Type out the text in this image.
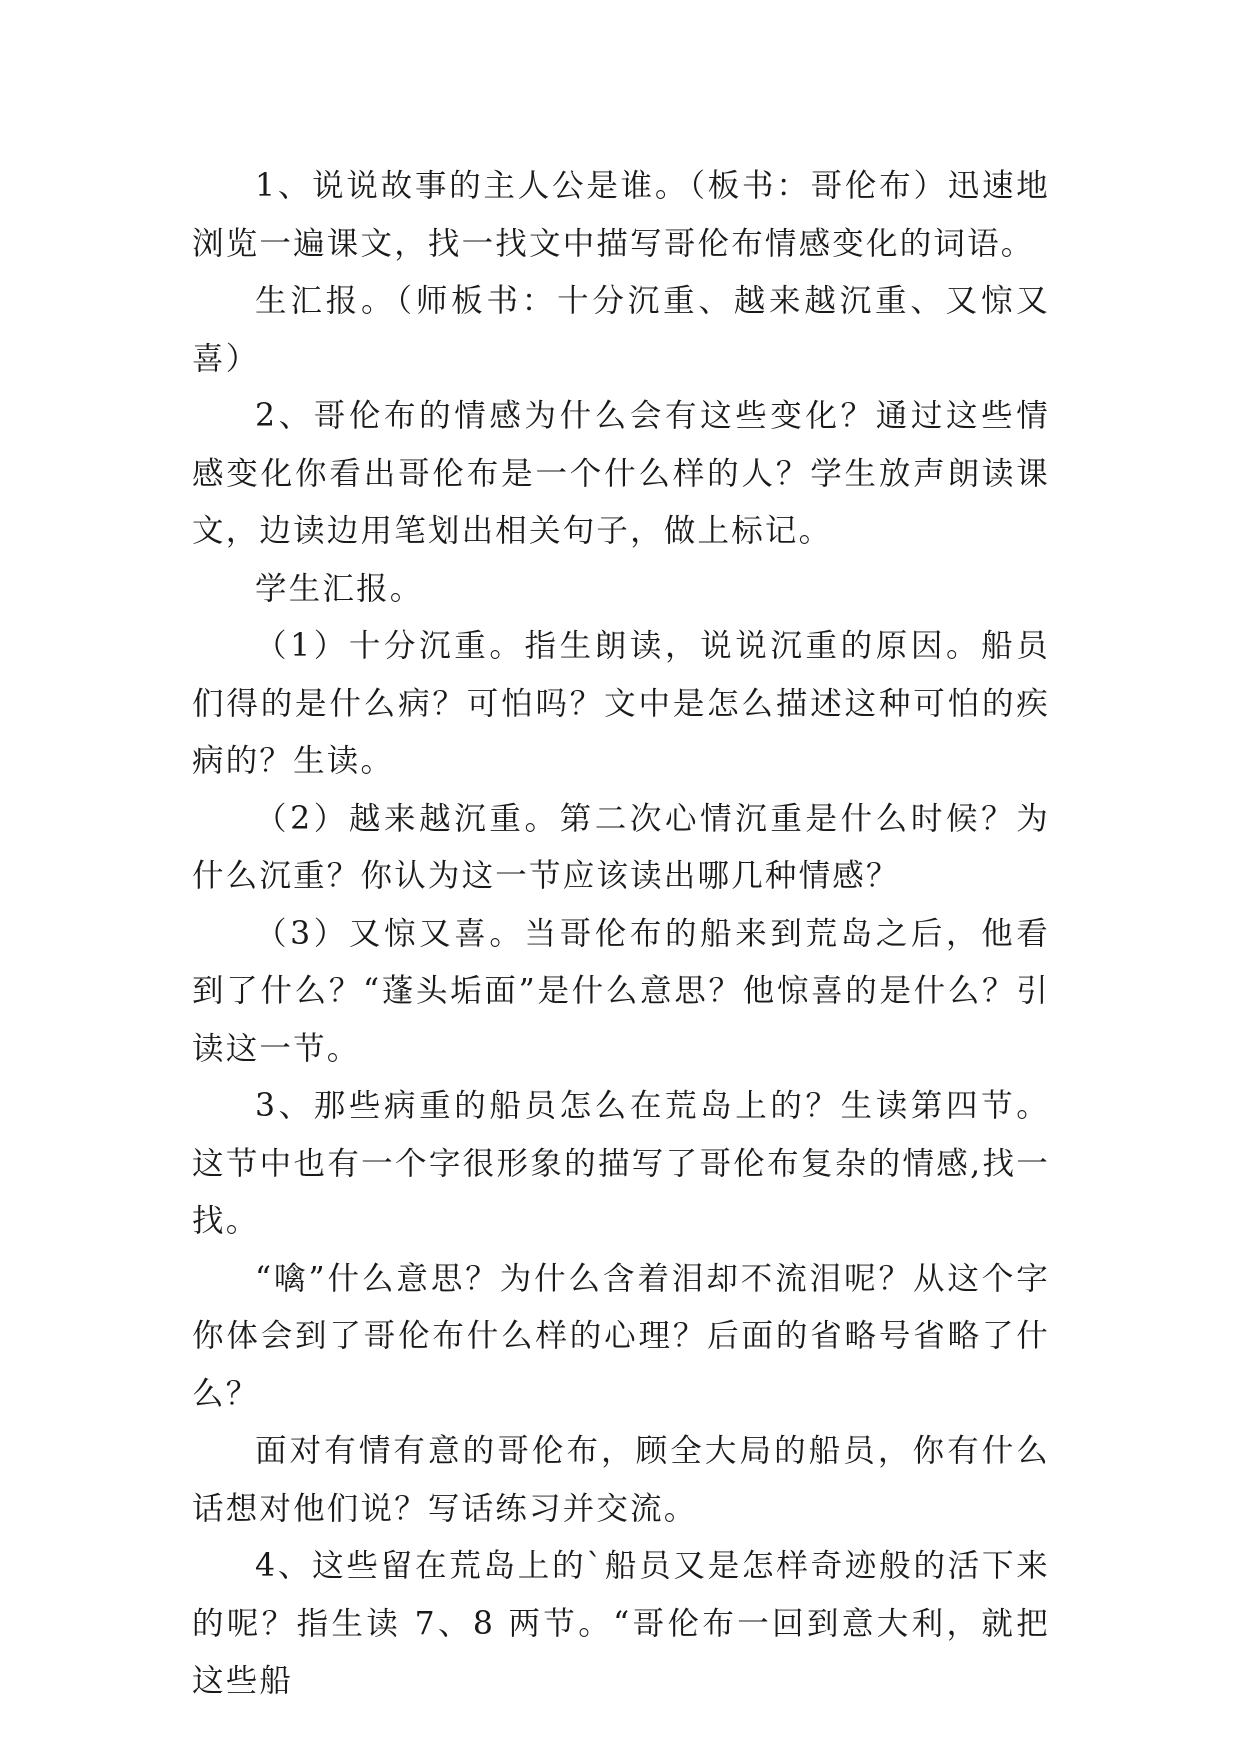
1、说说故事的主人公是谁。（板书：哥伦布）迅速地浏览一遍课文，找一找文中描写哥伦布情感变化的词语。

生汇报。（师板书：十分沉重、越来越沉重、又惊又喜）

2、哥伦布的情感为什么会有这些变化？通过这些情感变化你看出哥伦布是一个什么样的人？学生放声朗读课文，边读边用笔划出相关句子，做上标记。

学生汇报。

（1）十分沉重。指生朗读，说说沉重的原因。船员们得的是什么病？可怕吗？文中是怎么描述这种可怕的疾病的？生读。

（2）越来越沉重。第二次心情沉重是什么时候？为什么沉重？你认为这一节应该读出哪几种情感？

（3）又惊又喜。当哥伦布的船来到荒岛之后，他看到了什么？“蓬头垢面”是什么意思？他惊喜的是什么？引读这一节。

3、那些病重的船员怎么在荒岛上的？生读第四节。这节中也有一个字很形象的描写了哥伦布复杂的情感,找一找。

“噙”什么意思？为什么含着泪却不流泪呢？从这个字你体会到了哥伦布什么样的心理？后面的省略号省略了什么？

面对有情有意的哥伦布，顾全大局的船员，你有什么话想对他们说？写话练习并交流。

4、这些留在荒岛上的`船员又是怎样奇迹般的活下来的呢？指生读 7、8 两节。“哥伦布一回到意大利，就把这些船
